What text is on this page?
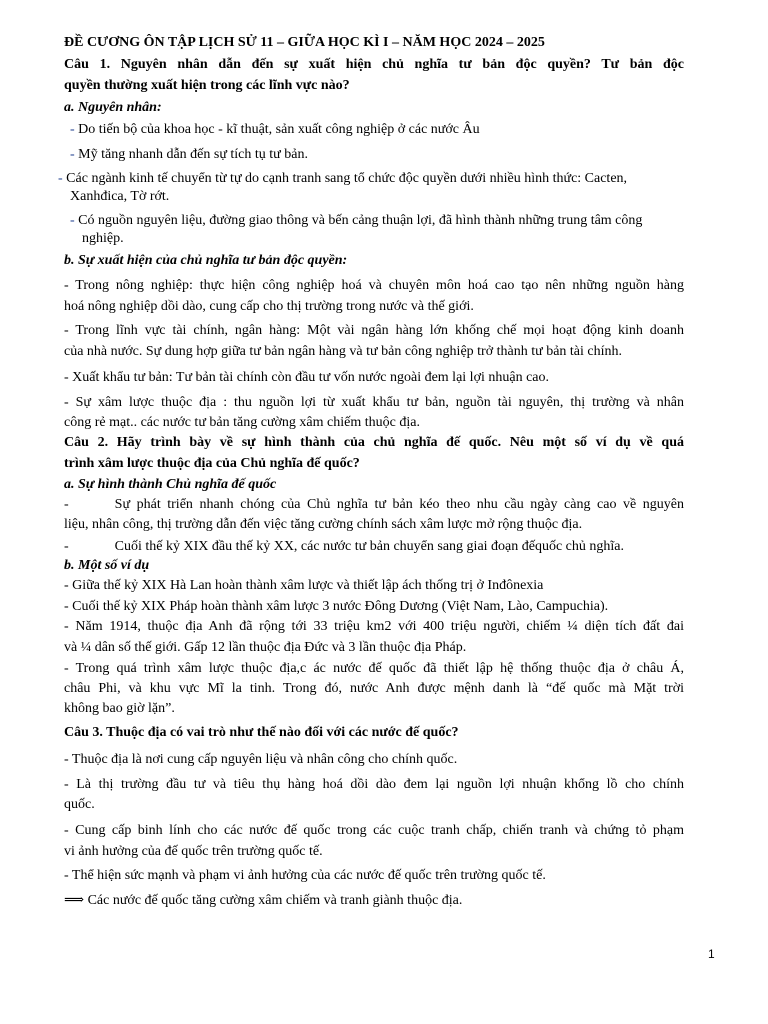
ĐỀ CƯƠNG ÔN TẬP LỊCH SỬ 11 – GIỮA HỌC KÌ I – NĂM HỌC 2024 – 2025
Câu 1. Nguyên nhân dẫn đến sự xuất hiện chủ nghĩa tư bản độc quyền? Tư bản độc
quyền thường xuất hiện trong các lĩnh vực nào?
a. Nguyên nhân:
- Do tiến bộ của khoa học - kĩ thuật, sản xuất công nghiệp ở các nước Âu
- Mỹ tăng nhanh dẫn đến sự tích tụ tư bản.
- Các ngành kinh tế chuyển từ tự do cạnh tranh sang tổ chức độc quyền dưới nhiều hình thức: Cacten,
Xanhđica, Tờ rớt.
- Có nguồn nguyên liệu, đường giao thông và bến cảng thuận lợi, đã hình thành những trung tâm công
nghiệp.
b. Sự xuất hiện của chủ nghĩa tư bản độc quyền:
- Trong nông nghiệp: thực hiện công nghiệp hoá và chuyên môn hoá cao tạo nên những nguồn hàng
hoá nông nghiệp dồi dào, cung cấp cho thị trường trong nước và thế giới.
- Trong lĩnh vực tài chính, ngân hàng: Một vài ngân hàng lớn khống chế mọi hoạt động kinh doanh
của nhà nước. Sự dung hợp giữa tư bản ngân hàng và tư bản công nghiệp trở thành tư bản tài chính.
- Xuất khẩu tư bản: Tư bản tài chính còn đầu tư vốn nước ngoài đem lại lợi nhuận cao.
- Sự xâm lược thuộc địa : thu nguồn lợi từ xuất khẩu tư bản, nguồn tài nguyên, thị trường và nhân
công rẻ mạt.. các nước tư bản tăng cường xâm chiếm thuộc địa.
Câu 2. Hãy trình bày về sự hình thành của chủ nghĩa đế quốc. Nêu một số ví dụ về quá
trình xâm lược thuộc địa của Chủ nghĩa đế quốc?
a. Sự hình thành Chủ nghĩa đế quốc
-	Sự phát triển nhanh chóng của Chủ nghĩa tư bản kéo theo nhu cầu ngày càng cao về nguyên
liệu, nhân công, thị trường dẫn đến việc tăng cường chính sách xâm lược mở rộng thuộc địa.
-	Cuối thế kỷ XIX đầu thế kỷ XX, các nước tư bản chuyển sang giai đoạn đếquốc chủ nghĩa.
b. Một số ví dụ
- Giữa thế kỷ XIX Hà Lan hoàn thành xâm lược và thiết lập ách thống trị ở Inđônexia
- Cuối thế kỷ XIX Pháp hoàn thành xâm lược 3 nước Đông Dương (Việt Nam, Lào, Campuchia).
- Năm 1914, thuộc địa Anh đã rộng tới 33 triệu km2 với 400 triệu người, chiếm ¼ diện tích đất đai
và ¼ dân số thế giới. Gấp 12 lần thuộc địa Đức và 3 lần thuộc địa Pháp.
- Trong quá trình xâm lược thuộc địa,c ác nước đế quốc đã thiết lập hệ thống thuộc địa ở châu Á,
châu Phi, và khu vực Mĩ la tinh. Trong đó, nước Anh được mệnh danh là “đế quốc mà Mặt trời
không bao giờ lặn”.
Câu 3. Thuộc địa có vai trò như thế nào đối với các nước đế quốc?
- Thuộc địa là nơi cung cấp nguyên liệu và nhân công cho chính quốc.
- Là thị trường đầu tư và tiêu thụ hàng hoá dồi dào đem lại nguồn lợi nhuận khổng lồ cho chính
quốc.
- Cung cấp binh lính cho các nước đế quốc trong các cuộc tranh chấp, chiến tranh và chứng tỏ phạm
vi ảnh hưởng của đế quốc trên trường quốc tế.
- Thể hiện sức mạnh và phạm vi ảnh hưởng của các nước đế quốc trên trường quốc tế.
⟹ Các nước đế quốc tăng cường xâm chiếm và tranh giành thuộc địa.
1
